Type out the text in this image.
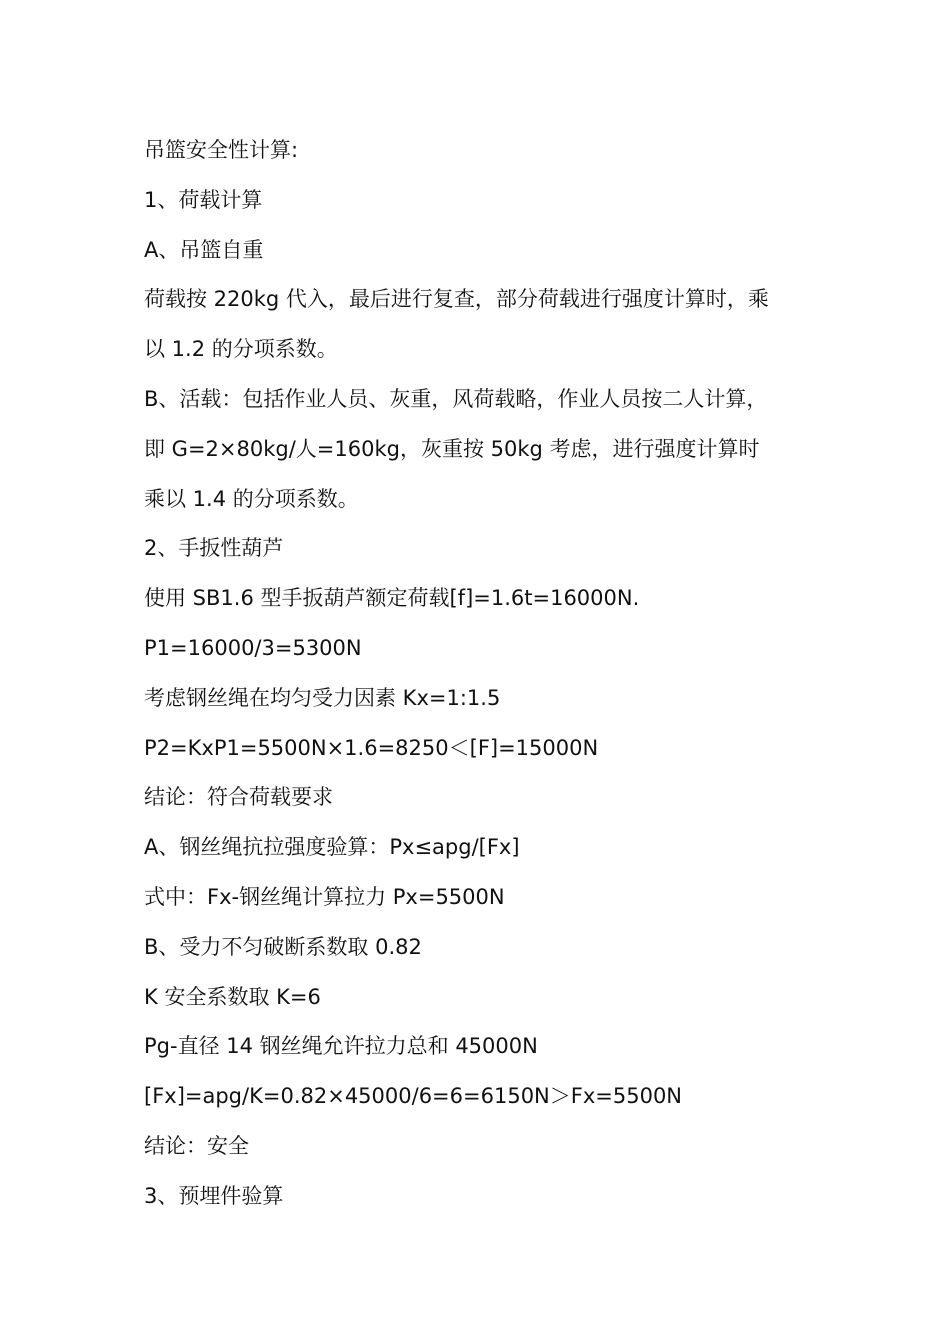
吊篮安全性计算:
1、荷载计算
A、吊篮自重
荷载按 220kg 代入，最后进行复查，部分荷载进行强度计算时，乘
以 1.2 的分项系数。
B、活载：包括作业人员、灰重，风荷载略，作业人员按二人计算，
即 G=2×80kg/人=160kg，灰重按 50kg 考虑，进行强度计算时
乘以 1.4 的分项系数。
2、手扳性葫芦
使用 SB1.6 型手扳葫芦额定荷载[f]=1.6t=16000N.
P1=16000/3=5300N
考虑钢丝绳在均匀受力因素 Kx=1:1.5
P2=KxP1=5500N×1.6=8250＜[F]=15000N
结论：符合荷载要求
A、钢丝绳抗拉强度验算：Px≤apg/[Fx]
式中：Fx-钢丝绳计算拉力 Px=5500N
B、受力不匀破断系数取 0.82
K 安全系数取 K=6
Pg-直径 14 钢丝绳允许拉力总和 45000N
[Fx]=apg/K=0.82×45000/6=6=6150N＞Fx=5500N
结论：安全
3、预埋件验算
